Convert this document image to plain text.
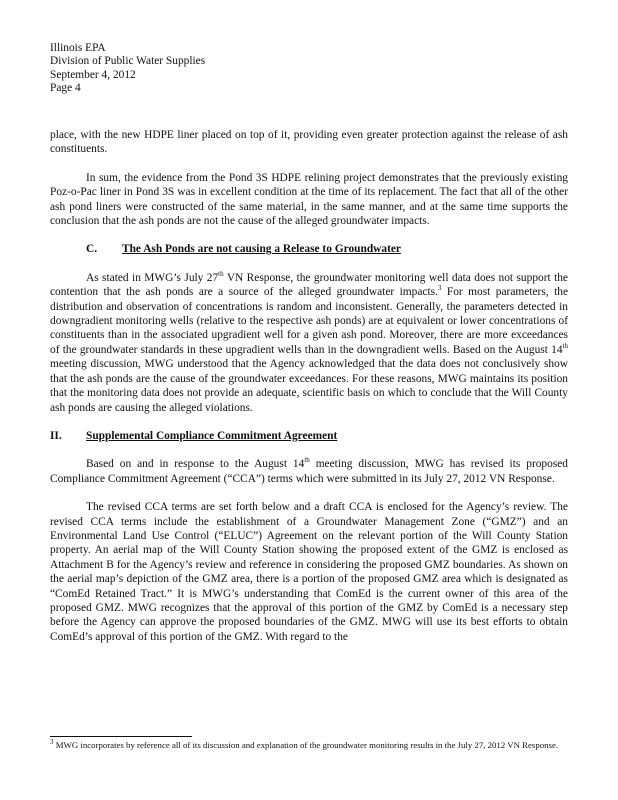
Illinois EPA
Division of Public Water Supplies
September 4, 2012
Page 4

place, with the new HDPE liner placed on top of it, providing even greater protection against the release of ash constituents.

In sum, the evidence from the Pond 3S HDPE relining project demonstrates that the previously existing Poz-o-Pac liner in Pond 3S was in excellent condition at the time of its replacement. The fact that all of the other ash pond liners were constructed of the same material, in the same manner, and at the same time supports the conclusion that the ash ponds are not the cause of the alleged groundwater impacts.

C.	The Ash Ponds are not causing a Release to Groundwater

As stated in MWG’s July 27th VN Response, the groundwater monitoring well data does not support the contention that the ash ponds are a source of the alleged groundwater impacts.$^3$ For most parameters, the distribution and observation of concentrations is random and inconsistent. Generally, the parameters detected in downgradient monitoring wells (relative to the respective ash ponds) are at equivalent or lower concentrations of constituents than in the associated upgradient well for a given ash pond. Moreover, there are more exceedances of the groundwater standards in these upgradient wells than in the downgradient wells. Based on the August 14th meeting discussion, MWG understood that the Agency acknowledged that the data does not conclusively show that the ash ponds are the cause of the groundwater exceedances. For these reasons, MWG maintains its position that the monitoring data does not provide an adequate, scientific basis on which to conclude that the Will County ash ponds are causing the alleged violations.

II.	Supplemental Compliance Commitment Agreement

Based on and in response to the August 14th meeting discussion, MWG has revised its proposed Compliance Commitment Agreement (“CCA”) terms which were submitted in its July 27, 2012 VN Response.

The revised CCA terms are set forth below and a draft CCA is enclosed for the Agency’s review. The revised CCA terms include the establishment of a Groundwater Management Zone (“GMZ”) and an Environmental Land Use Control (“ELUC”) Agreement on the relevant portion of the Will County Station property. An aerial map of the Will County Station showing the proposed extent of the GMZ is enclosed as Attachment B for the Agency’s review and reference in considering the proposed GMZ boundaries. As shown on the aerial map’s depiction of the GMZ area, there is a portion of the proposed GMZ area which is designated as “ComEd Retained Tract.” It is MWG’s understanding that ComEd is the current owner of this area of the proposed GMZ. MWG recognizes that the approval of this portion of the GMZ by ComEd is a necessary step before the Agency can approve the proposed boundaries of the GMZ. MWG will use its best efforts to obtain ComEd’s approval of this portion of the GMZ. With regard to the

$^3$ MWG incorporates by reference all of its discussion and explanation of the groundwater monitoring results in the July 27, 2012 VN Response.
